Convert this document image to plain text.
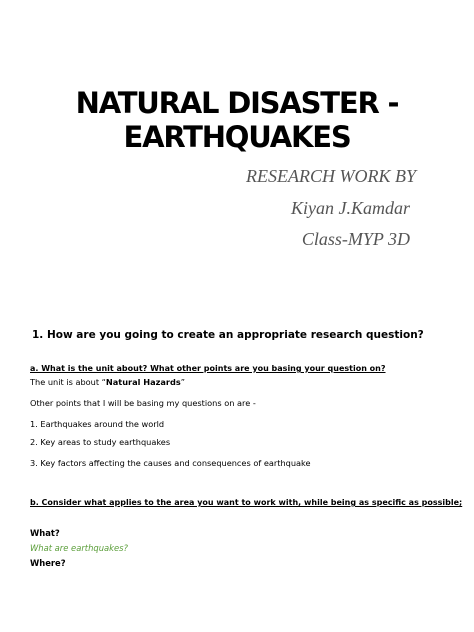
NATURAL DISASTER -
EARTHQUAKES
RESEARCH WORK BY
Kiyan J.Kamdar
Class-MYP 3D
1. How are you going to create an appropriate research question?
a. What is the unit about? What other points are you basing your question on?
The unit is about “Natural Hazards”
Other points that I will be basing my questions on are -
1. Earthquakes around the world
2. Key areas to study earthquakes
3. Key factors affecting the causes and consequences of earthquake
b. Consider what applies to the area you want to work with, while being as specific as possible;
What?
What are earthquakes?
Where?
